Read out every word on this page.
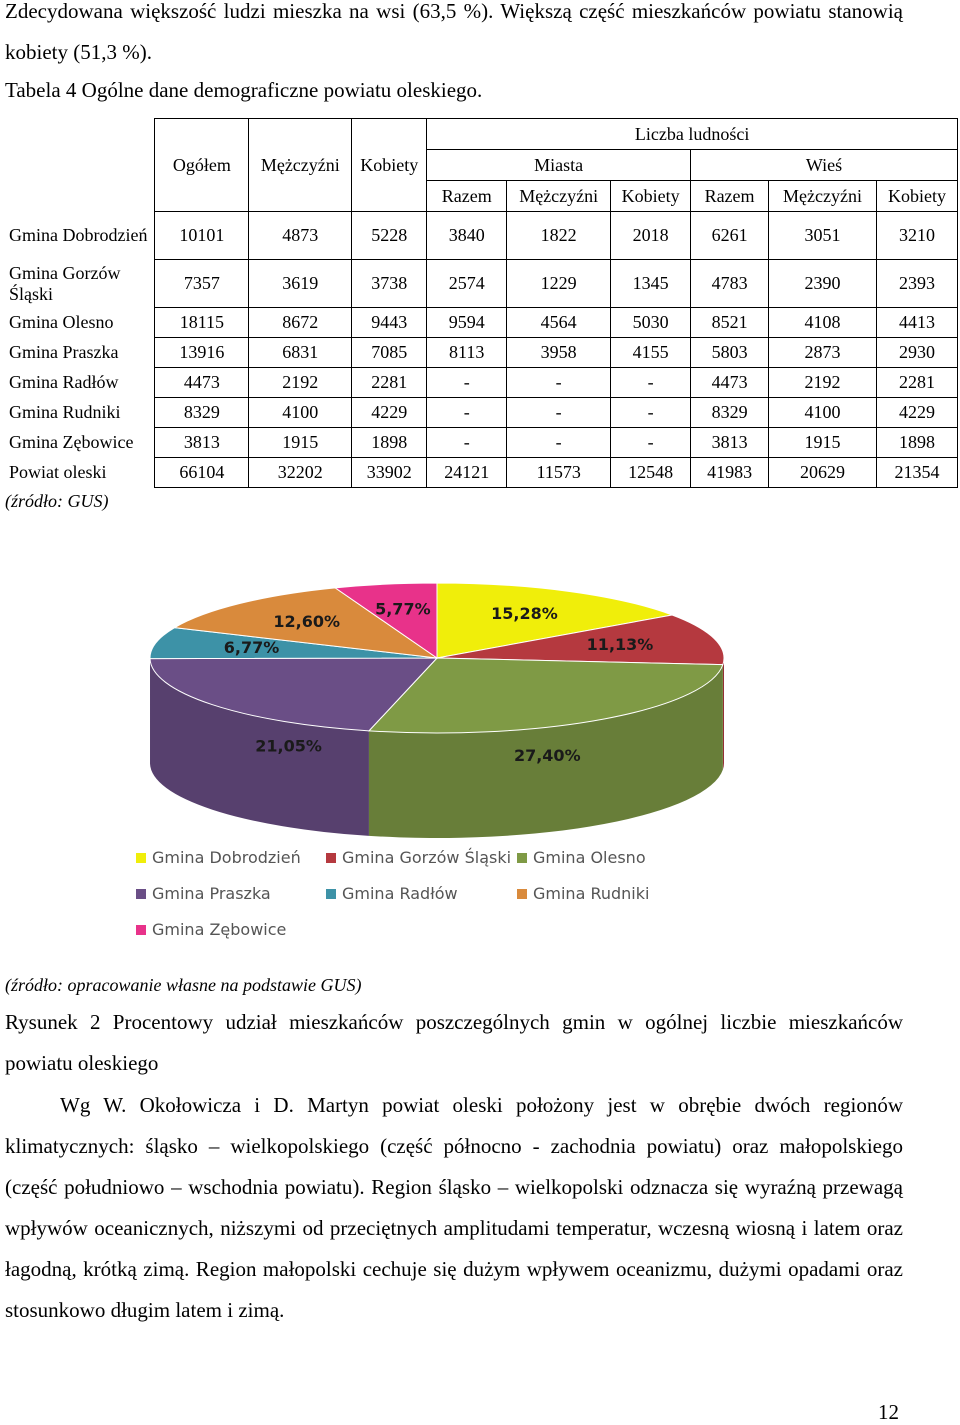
Zdecydowana większość ludzi mieszka na wsi (63,5 %). Większą część mieszkańców powiatu stanowią kobiety (51,3 %).

Tabela 4 Ogólne dane demograficzne powiatu oleskiego.
	Ogółem	Mężczyźni	Kobiety	Liczba ludności					
				Miasta			Wieś		
				Razem	Mężczyźni	Kobiety	Razem	Mężczyźni	Kobiety
Gmina Dobrodzień	10101	4873	5228	3840	1822	2018	6261	3051	3210
Gmina Gorzów Śląski	7357	3619	3738	2574	1229	1345	4783	2390	2393
Gmina Olesno	18115	8672	9443	9594	4564	5030	8521	4108	4413
Gmina Praszka	13916	6831	7085	8113	3958	4155	5803	2873	2930
Gmina Radłów	4473	2192	2281	-	-	-	4473	2192	2281
Gmina Rudniki	8329	4100	4229	-	-	-	8329	4100	4229
Gmina Zębowice	3813	1915	1898	-	-	-	3813	1915	1898
Powiat oleski	66104	32202	33902	24121	11573	12548	41983	20629	21354
(źródło: GUS)
15,28%
11,13%
27,40%
21,05%
6,77%
12,60%
5,77%
Gmina Dobrodzień	Gmina Gorzów Śląski Gmina Olesno
Gmina Praszka	Gmina Radłów	Gmina Rudniki
Gmina Zębowice
(źródło: opracowanie własne na podstawie GUS)

Rysunek 2 Procentowy udział mieszkańców poszczególnych gmin w ogólnej liczbie mieszkańców powiatu oleskiego

Wg W. Okołowicza i D. Martyn powiat oleski położony jest w obrębie dwóch regionów klimatycznych: śląsko – wielkopolskiego (część północno - zachodnia powiatu) oraz małopolskiego (część południowo – wschodnia powiatu). Region śląsko – wielkopolski odznacza się wyraźną przewagą wpływów oceanicznych, niższymi od przeciętnych amplitudami temperatur, wczesną wiosną i latem oraz łagodną, krótką zimą. Region małopolski cechuje się dużym wpływem oceanizmu, dużymi opadami oraz stosunkowo długim latem i zimą.

12
